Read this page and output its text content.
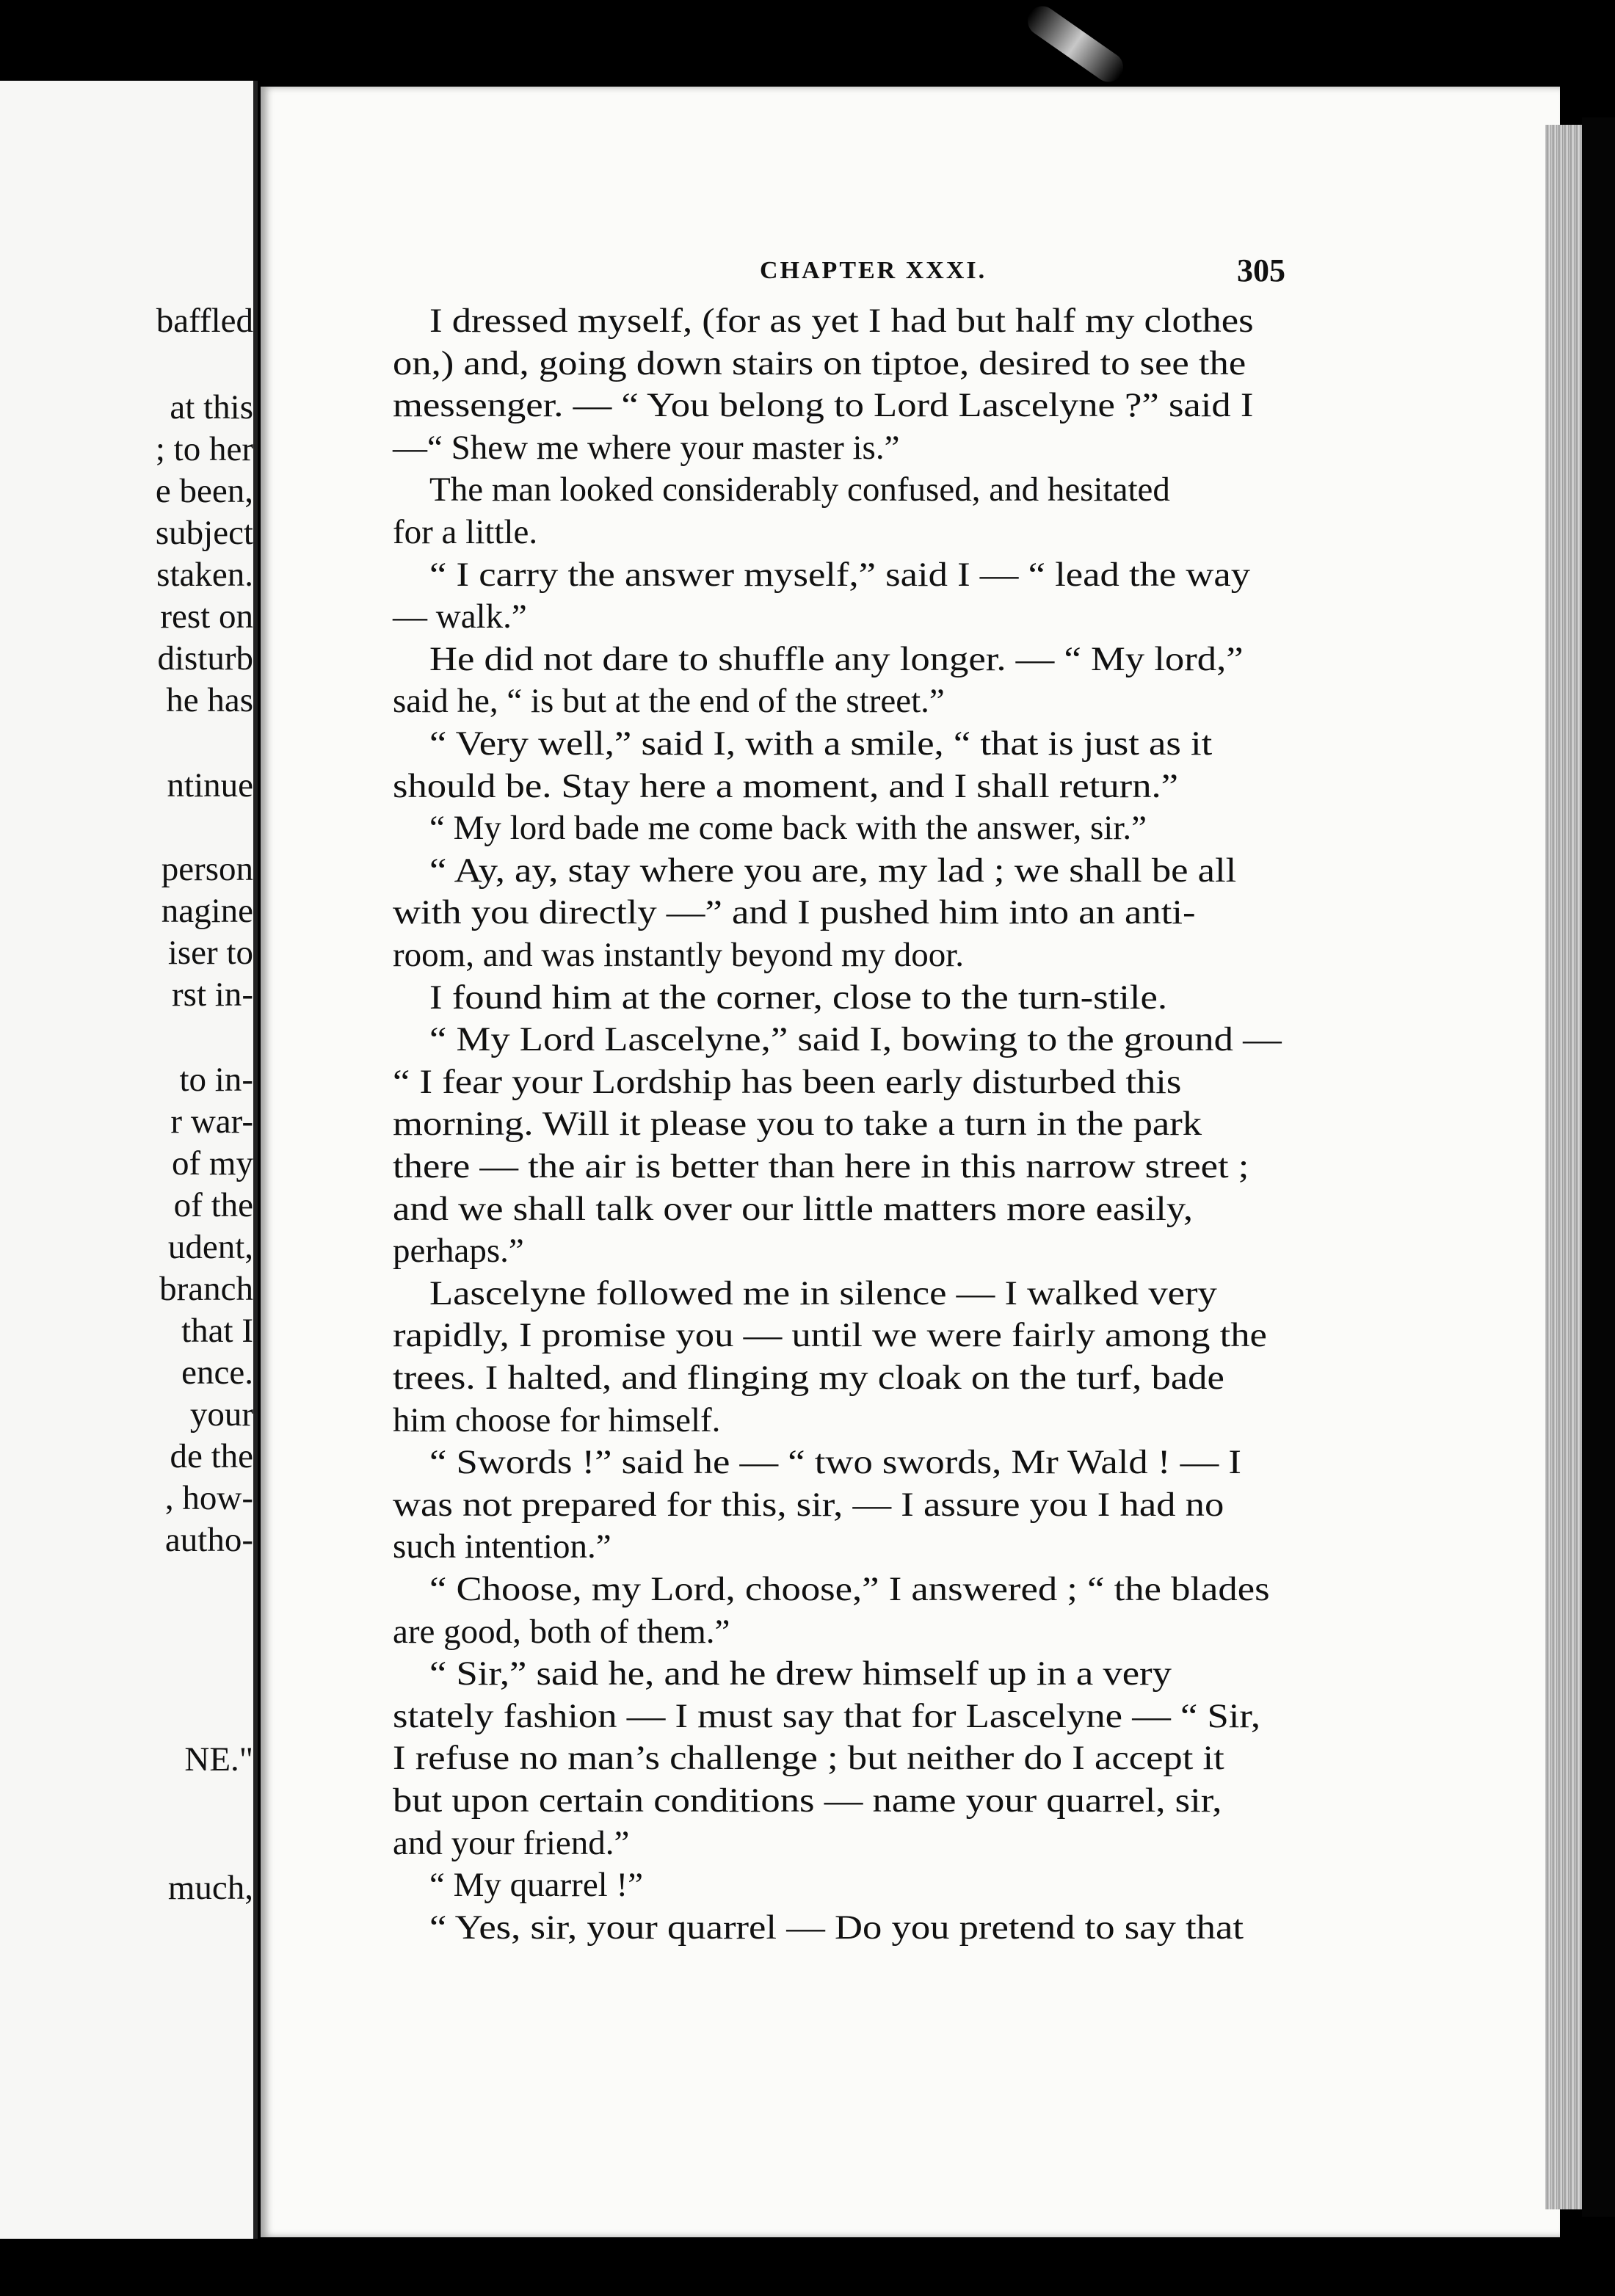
baffled
at this
; to her
e been,
subject
staken.
rest on
disturb
he has
ntinue
person
nagine
iser to
rst in-
to in-
r war-
of my
of the
udent,
branch
that I
ence.
your
de the
, how-
autho-
NE."
much,
CHAPTER XXXI.	305
I dressed myself, (for as yet I had but half my clothes
on,) and, going down stairs on tiptoe, desired to see the
messenger. — “ You belong to Lord Lascelyne ?” said I
—“ Shew me where your master is.”
The man looked considerably confused, and hesitated
for a little.
“ I carry the answer myself,” said I — “ lead the way
— walk.”
He did not dare to shuffle any longer. — “ My lord,”
said he, “ is but at the end of the street.”
“ Very well,” said I, with a smile, “ that is just as it
should be. Stay here a moment, and I shall return.”
“ My lord bade me come back with the answer, sir.”
“ Ay, ay, stay where you are, my lad ; we shall be all
with you directly —” and I pushed him into an anti-
room, and was instantly beyond my door.
I found him at the corner, close to the turn-stile.
“ My Lord Lascelyne,” said I, bowing to the ground —
“ I fear your Lordship has been early disturbed this
morning. Will it please you to take a turn in the park
there — the air is better than here in this narrow street ;
and we shall talk over our little matters more easily,
perhaps.”
Lascelyne followed me in silence — I walked very
rapidly, I promise you — until we were fairly among the
trees. I halted, and flinging my cloak on the turf, bade
him choose for himself.
“ Swords !” said he — “ two swords, Mr Wald ! — I
was not prepared for this, sir, — I assure you I had no
such intention.”
“ Choose, my Lord, choose,” I answered ; “ the blades
are good, both of them.”
“ Sir,” said he, and he drew himself up in a very
stately fashion — I must say that for Lascelyne — “ Sir,
I refuse no man’s challenge ; but neither do I accept it
but upon certain conditions — name your quarrel, sir,
and your friend.”
“ My quarrel !”
“ Yes, sir, your quarrel — Do you pretend to say that
